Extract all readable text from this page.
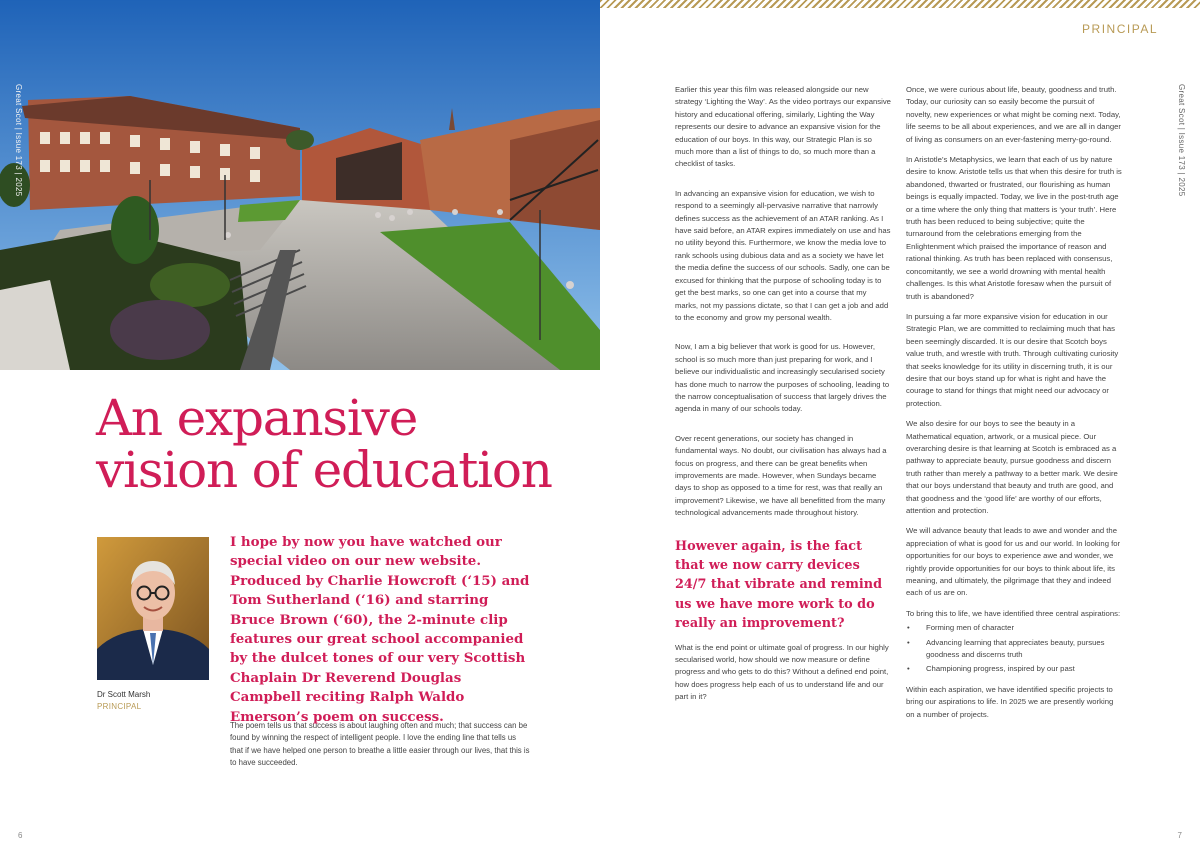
Great Scot | Issue 173 | 2025
An expansive
vision of education
Dr Scott Marsh
PRINCIPAL

I hope by now you have watched our special video on our new website. Produced by Charlie Howcroft (‘15) and Tom Sutherland (‘16) and starring Bruce Brown (‘60), the 2-minute clip features our great school accompanied by the dulcet tones of our very Scottish Chaplain Dr Reverend Douglas Campbell reciting Ralph Waldo Emerson’s poem on success.

The poem tells us that success is about laughing often and much; that success can be found by winning the respect of intelligent people. I love the ending line that tells us that if we have helped one person to breathe a little easier through our lives, that this is to have succeeded.

6
PRINCIPAL
Great Scot | Issue 173 | 2025

Earlier this year this film was released alongside our new strategy ‘Lighting the Way’. As the video portrays our expansive history and educational offering, similarly, Lighting the Way represents our desire to advance an expansive vision for the education of our boys. In this way, our Strategic Plan is so much more than a list of things to do, so much more than a checklist of tasks.

In advancing an expansive vision for education, we wish to respond to a seemingly all-pervasive narrative that narrowly defines success as the achievement of an ATAR ranking. As I have said before, an ATAR expires immediately on use and has no utility beyond this. Furthermore, we know the media love to rank schools using dubious data and as a society we have let the media define the success of our schools. Sadly, one can be excused for thinking that the purpose of schooling today is to get the best marks, so one can get into a course that my marks, not my passions dictate, so that I can get a job and add to the economy and grow my personal wealth.

Now, I am a big believer that work is good for us. However, school is so much more than just preparing for work, and I believe our individualistic and increasingly secularised society has done much to narrow the purposes of schooling, leading to the narrow conceptualisation of success that largely drives the agenda in many of our schools today.

Over recent generations, our society has changed in fundamental ways. No doubt, our civilisation has always had a focus on progress, and there can be great benefits when improvements are made. However, when Sundays became days to shop as opposed to a time for rest, was that really an improvement? Likewise, we have all benefitted from the many technological advancements made throughout history.

However again, is the fact that we now carry devices 24/7 that vibrate and remind us we have more work to do really an improvement?

What is the end point or ultimate goal of progress. In our highly secularised world, how should we now measure or define progress and who gets to do this? Without a defined end point, how does progress help each of us to understand life and our part in it?

Once, we were curious about life, beauty, goodness and truth. Today, our curiosity can so easily become the pursuit of novelty, new experiences or what might be coming next. Today, life seems to be all about experiences, and we are all in danger of living as consumers on an ever-fastening merry-go-round.

In Aristotle’s Metaphysics, we learn that each of us by nature desire to know. Aristotle tells us that when this desire for truth is abandoned, thwarted or frustrated, our flourishing as human beings is equally impacted. Today, we live in the post-truth age or a time where the only thing that matters is ‘your truth’. Here truth has been reduced to being subjective; quite the turnaround from the celebrations emerging from the Enlightenment which praised the importance of reason and rational thinking. As truth has been replaced with consensus, concomitantly, we see a world drowning with mental health challenges. Is this what Aristotle foresaw when the pursuit of truth is abandoned?

In pursuing a far more expansive vision for education in our Strategic Plan, we are committed to reclaiming much that has been seemingly discarded. It is our desire that Scotch boys value truth, and wrestle with truth. Through cultivating curiosity that seeks knowledge for its utility in discerning truth, it is our desire that our boys stand up for what is right and have the courage to stand for things that might need our advocacy or protection.

We also desire for our boys to see the beauty in a Mathematical equation, artwork, or a musical piece. Our overarching desire is that learning at Scotch is embraced as a pathway to appreciate beauty, pursue goodness and discern truth rather than merely a pathway to a better mark. We desire that our boys understand that beauty and truth are good, and that goodness and the ‘good life’ are worthy of our efforts, attention and protection.

We will advance beauty that leads to awe and wonder and the appreciation of what is good for us and our world. In looking for opportunities for our boys to experience awe and wonder, we rightly provide opportunities for our boys to think about life, its meaning, and ultimately, the pilgrimage that they and indeed each of us are on.

To bring this to life, we have identified three central aspirations:

• Forming men of character
• Advancing learning that appreciates beauty, pursues goodness and discerns truth
• Championing progress, inspired by our past

Within each aspiration, we have identified specific projects to bring our aspirations to life. In 2025 we are presently working on a number of projects.

7
